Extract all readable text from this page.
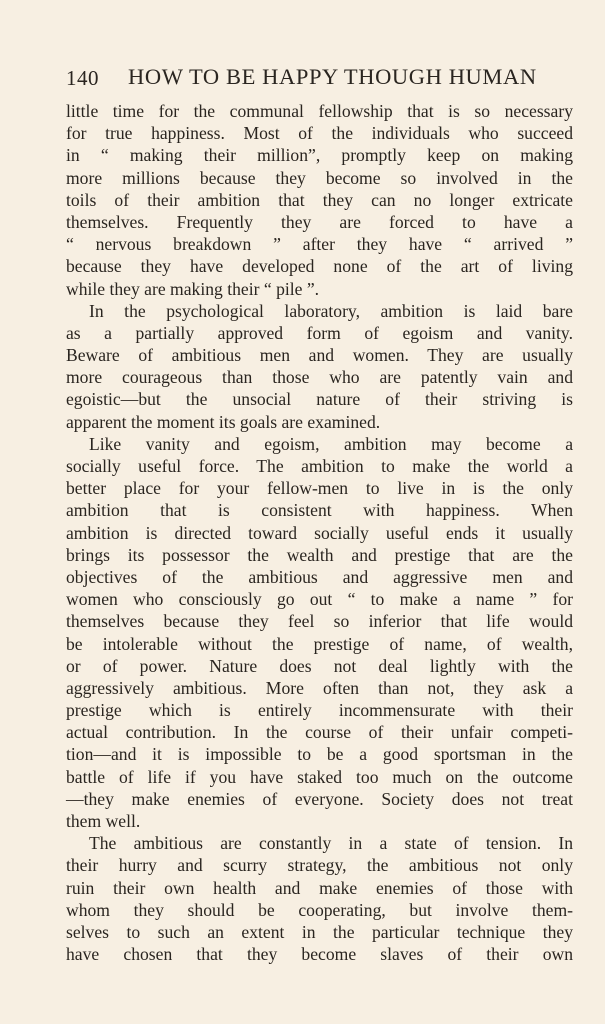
140 HOW TO BE HAPPY THOUGH HUMAN
little time for the communal fellowship that is so necessary
for true happiness. Most of the individuals who succeed
in “ making their million”, promptly keep on making
more millions because they become so involved in the
toils of their ambition that they can no longer extricate
themselves. Frequently they are forced to have a
“ nervous breakdown ” after they have “ arrived ”
because they have developed none of the art of living
while they are making their “ pile ”.
In the psychological laboratory, ambition is laid bare
as a partially approved form of egoism and vanity.
Beware of ambitious men and women. They are usually
more courageous than those who are patently vain and
egoistic—but the unsocial nature of their striving is
apparent the moment its goals are examined.
Like vanity and egoism, ambition may become a
socially useful force. The ambition to make the world a
better place for your fellow-men to live in is the only
ambition that is consistent with happiness. When
ambition is directed toward socially useful ends it usually
brings its possessor the wealth and prestige that are the
objectives of the ambitious and aggressive men and
women who consciously go out “ to make a name ” for
themselves because they feel so inferior that life would
be intolerable without the prestige of name, of wealth,
or of power. Nature does not deal lightly with the
aggressively ambitious. More often than not, they ask a
prestige which is entirely incommensurate with their
actual contribution. In the course of their unfair competi-
tion—and it is impossible to be a good sportsman in the
battle of life if you have staked too much on the outcome
—they make enemies of everyone. Society does not treat
them well.
The ambitious are constantly in a state of tension. In
their hurry and scurry strategy, the ambitious not only
ruin their own health and make enemies of those with
whom they should be cooperating, but involve them-
selves to such an extent in the particular technique they
have chosen that they become slaves of their own
